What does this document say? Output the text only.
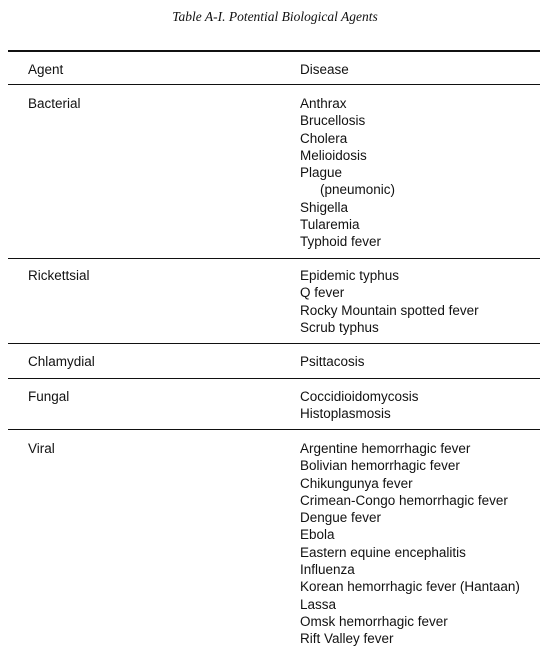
Table A-I. Potential Biological Agents
Agent	Disease
Bacterial	Anthrax
Brucellosis
Cholera
Melioidosis
Plague
(pneumonic)
Shigella
Tularemia
Typhoid fever
Rickettsial	Epidemic typhus
Q fever
Rocky Mountain spotted fever
Scrub typhus
Chlamydial	Psittacosis
Fungal	Coccidioidomycosis
Histoplasmosis
Viral	Argentine hemorrhagic fever
Bolivian hemorrhagic fever
Chikungunya fever
Crimean-Congo hemorrhagic fever
Dengue fever
Ebola
Eastern equine encephalitis
Influenza
Korean hemorrhagic fever (Hantaan)
Lassa
Omsk hemorrhagic fever
Rift Valley fever
